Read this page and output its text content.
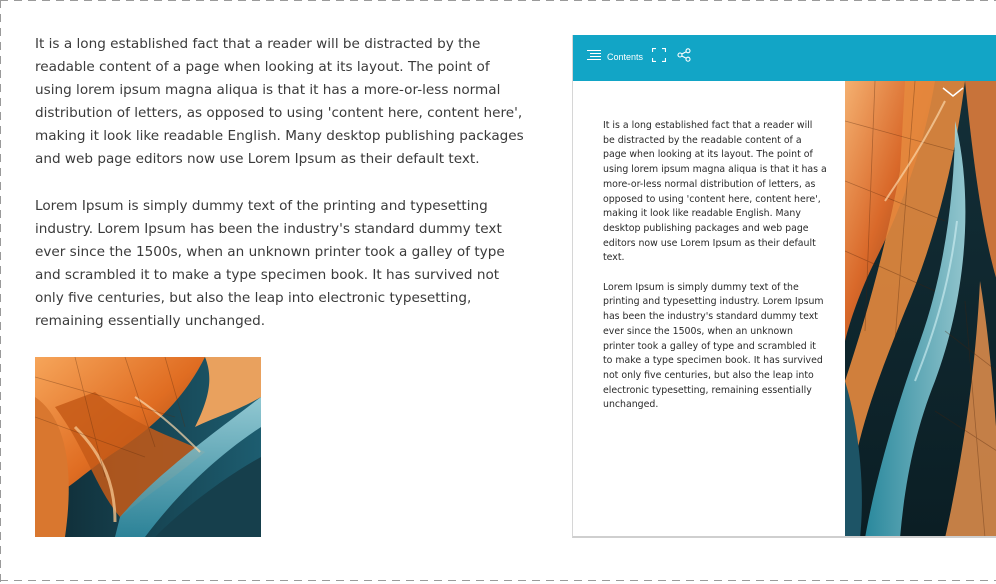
It is a long established fact that a reader will be distracted by the readable content of a page when looking at its layout. The point of using lorem ipsum magna aliqua is that it has a more-or-less normal distribution of letters, as opposed to using 'content here, content here', making it look like readable English. Many desktop publishing packages and web page editors now use Lorem Ipsum as their default text.

Lorem Ipsum is simply dummy text of the printing and typesetting industry. Lorem Ipsum has been the industry's standard dummy text ever since the 1500s, when an unknown printer took a galley of type and scrambled it to make a type specimen book. It has survived not only five centuries, but also the leap into electronic typesetting, remaining essentially unchanged.

Contents

It is a long established fact that a reader will be distracted by the readable content of a page when looking at its layout. The point of using lorem ipsum magna aliqua is that it has a more-or-less normal distribution of letters, as opposed to using 'content here, content here', making it look like readable English. Many desktop publishing packages and web page editors now use Lorem Ipsum as their default text.

Lorem Ipsum is simply dummy text of the printing and typesetting industry. Lorem Ipsum has been the industry's standard dummy text ever since the 1500s, when an unknown printer took a galley of type and scrambled it to make a type specimen book. It has survived not only five centuries, but also the leap into electronic typesetting, remaining essentially unchanged.
